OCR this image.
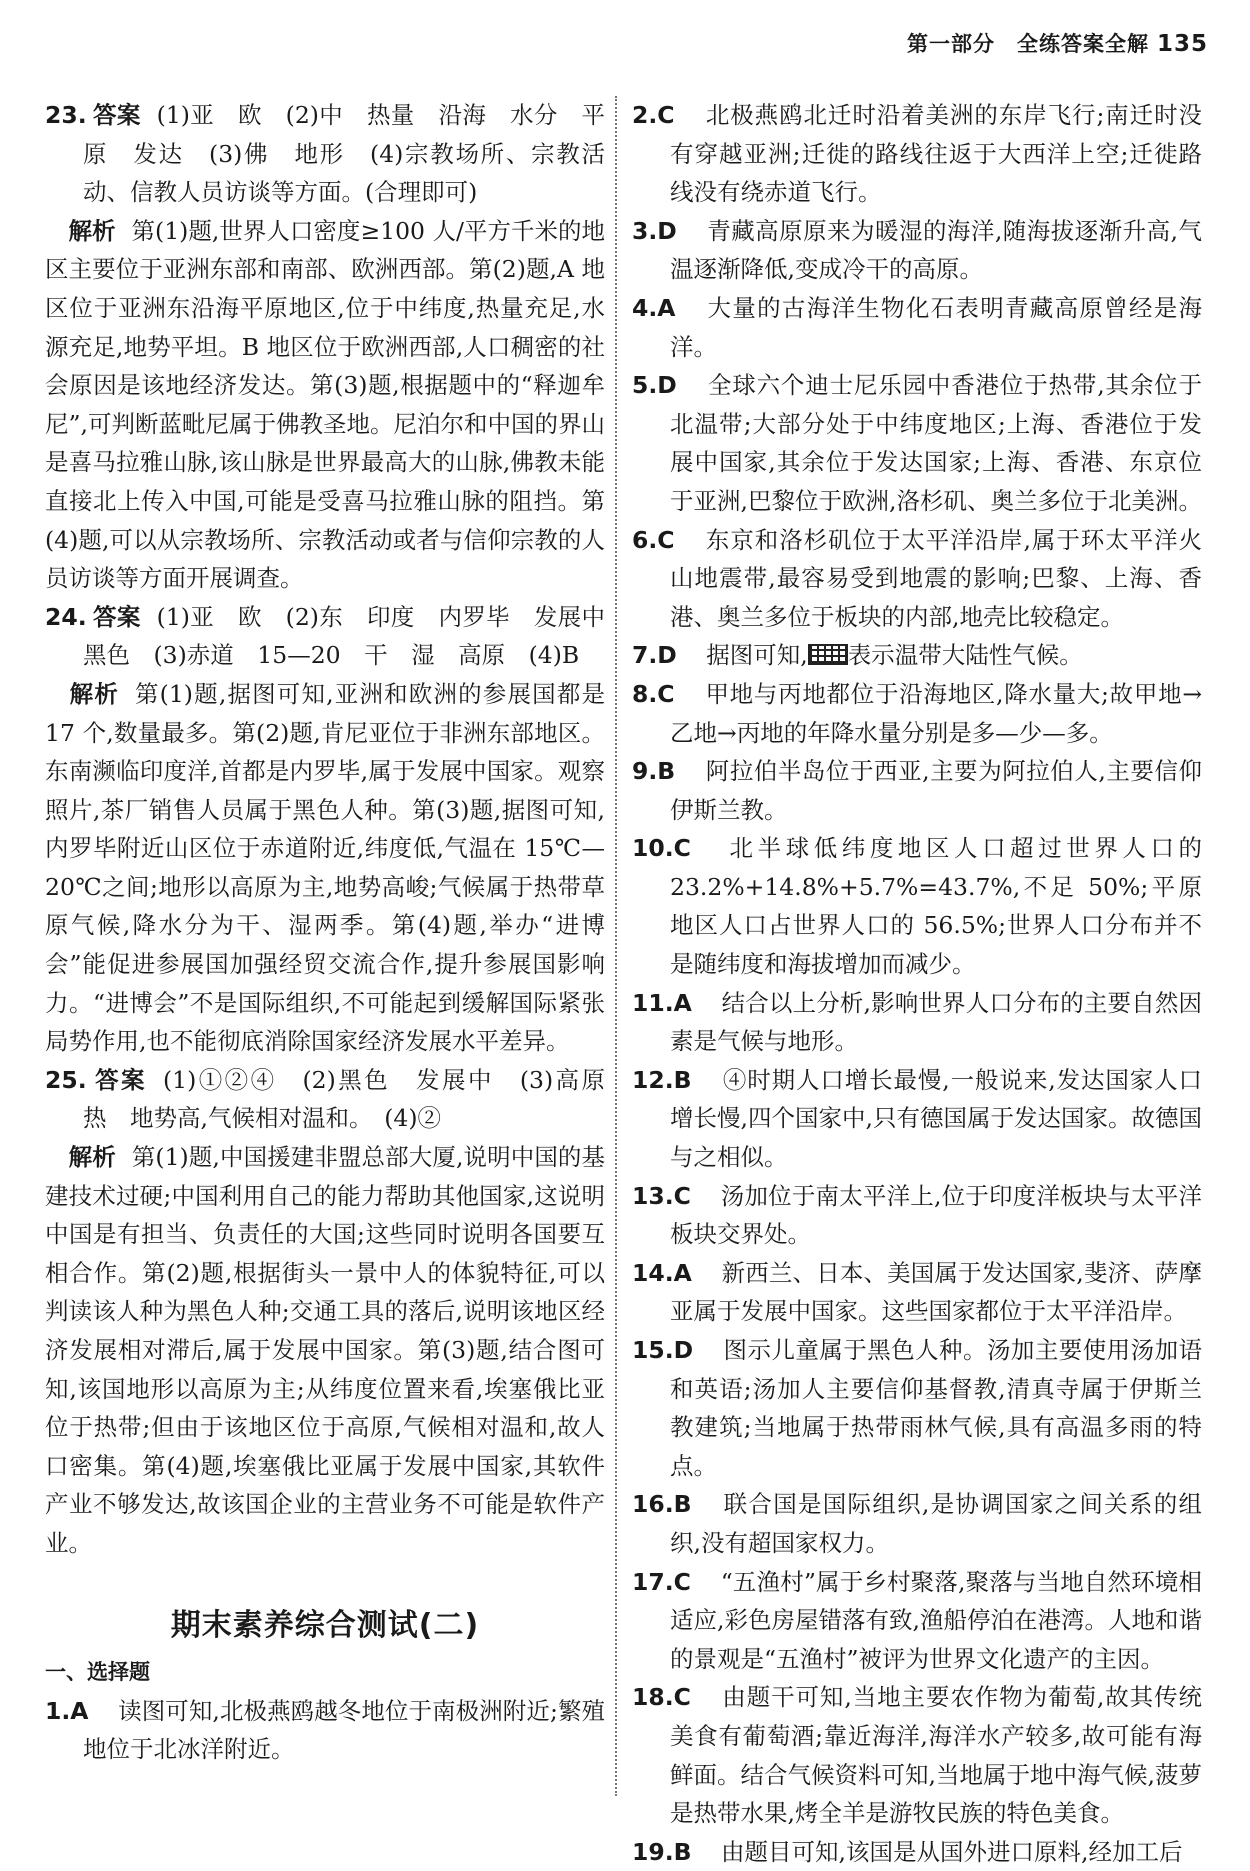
第一部分　 全练答案全解 135
23. 答案 (1)亚　欧　(2)中　热量　沿海　水分　平原　发达　(3)佛　地形　(4)宗教场所、宗教活动、信教人员访谈等方面。(合理即可)
　解析 第(1)题,世界人口密度≥100 人/平方千米的地区主要位于亚洲东部和南部、欧洲西部。第(2)题,A 地区位于亚洲东沿海平原地区,位于中纬度,热量充足,水源充足,地势平坦。B 地区位于欧洲西部,人口稠密的社会原因是该地经济发达。第(3)题,根据题中的“释迦牟尼”,可判断蓝毗尼属于佛教圣地。尼泊尔和中国的界山是喜马拉雅山脉,该山脉是世界最高大的山脉,佛教未能直接北上传入中国,可能是受喜马拉雅山脉的阻挡。第(4)题,可以从宗教场所、宗教活动或者与信仰宗教的人员访谈等方面开展调查。
24. 答案 (1)亚　欧　(2)东　印度　内罗毕　发展中　黑色　(3)赤道　15—20　干　湿　高原　(4)B
　解析 第(1)题,据图可知,亚洲和欧洲的参展国都是 17 个,数量最多。第(2)题,肯尼亚位于非洲东部地区。东南濒临印度洋,首都是内罗毕,属于发展中国家。观察照片,茶厂销售人员属于黑色人种。第(3)题,据图可知,内罗毕附近山区位于赤道附近,纬度低,气温在 15℃—20℃之间;地形以高原为主,地势高峻;气候属于热带草原气候,降水分为干、湿两季。第(4)题,举办“进博会”能促进参展国加强经贸交流合作,提升参展国影响力。“进博会”不是国际组织,不可能起到缓解国际紧张局势作用,也不能彻底消除国家经济发展水平差异。
25. 答案 (1)①②④　(2)黑色　发展中　(3)高原　热　地势高,气候相对温和。　(4)②
　解析 第(1)题,中国援建非盟总部大厦,说明中国的基建技术过硬;中国利用自己的能力帮助其他国家,这说明中国是有担当、负责任的大国;这些同时说明各国要互相合作。第(2)题,根据街头一景中人的体貌特征,可以判读该人种为黑色人种;交通工具的落后,说明该地区经济发展相对滞后,属于发展中国家。第(3)题,结合图可知,该国地形以高原为主;从纬度位置来看,埃塞俄比亚位于热带;但由于该地区位于高原,气候相对温和,故人口密集。第(4)题,埃塞俄比亚属于发展中国家,其软件产业不够发达,故该国企业的主营业务不可能是软件产业。
期末素养综合测试(二)
一、选择题
1.A　 读图可知,北极燕鸥越冬地位于南极洲附近;繁殖地位于北冰洋附近。
2.C　 北极燕鸥北迁时沿着美洲的东岸飞行;南迁时没有穿越亚洲;迁徙的路线往返于大西洋上空;迁徙路线没有绕赤道飞行。
3.D　 青藏高原原来为暖湿的海洋,随海拔逐渐升高,气温逐渐降低,变成冷干的高原。
4.A　 大量的古海洋生物化石表明青藏高原曾经是海洋。
5.D　 全球六个迪士尼乐园中香港位于热带,其余位于北温带;大部分处于中纬度地区;上海、香港位于发展中国家,其余位于发达国家;上海、香港、东京位于亚洲,巴黎位于欧洲,洛杉矶、奥兰多位于北美洲。
6.C　 东京和洛杉矶位于太平洋沿岸,属于环太平洋火山地震带,最容易受到地震的影响;巴黎、上海、香港、奥兰多位于板块的内部,地壳比较稳定。
7.D　 据图可知, 表示温带大陆性气候。
8.C　 甲地与丙地都位于沿海地区,降水量大;故甲地→乙地→丙地的年降水量分别是多—少—多。
9.B　 阿拉伯半岛位于西亚,主要为阿拉伯人,主要信仰伊斯兰教。
10.C　 北半球低纬度地区人口超过世界人口的 23.2%+14.8%+5.7%=43.7%,不足 50%;平原地区人口占世界人口的 56.5%;世界人口分布并不是随纬度和海拔增加而减少。
11.A　 结合以上分析,影响世界人口分布的主要自然因素是气候与地形。
12.B　 ④时期人口增长最慢,一般说来,发达国家人口增长慢,四个国家中,只有德国属于发达国家。故德国与之相似。
13.C　 汤加位于南太平洋上,位于印度洋板块与太平洋板块交界处。
14.A　 新西兰、日本、美国属于发达国家,斐济、萨摩亚属于发展中国家。这些国家都位于太平洋沿岸。
15.D　 图示儿童属于黑色人种。汤加主要使用汤加语和英语;汤加人主要信仰基督教,清真寺属于伊斯兰教建筑;当地属于热带雨林气候,具有高温多雨的特点。
16.B　 联合国是国际组织,是协调国家之间关系的组织,没有超国家权力。
17.C　 “五渔村”属于乡村聚落,聚落与当地自然环境相适应,彩色房屋错落有致,渔船停泊在港湾。人地和谐的景观是“五渔村”被评为世界文化遗产的主因。
18.C　 由题干可知,当地主要农作物为葡萄,故其传统美食有葡萄酒;靠近海洋,海洋水产较多,故可能有海鲜面。结合气候资料可知,当地属于地中海气候,菠萝是热带水果,烤全羊是游牧民族的特色美食。
19.B　 由题目可知,该国是从国外进口原料,经加工后
